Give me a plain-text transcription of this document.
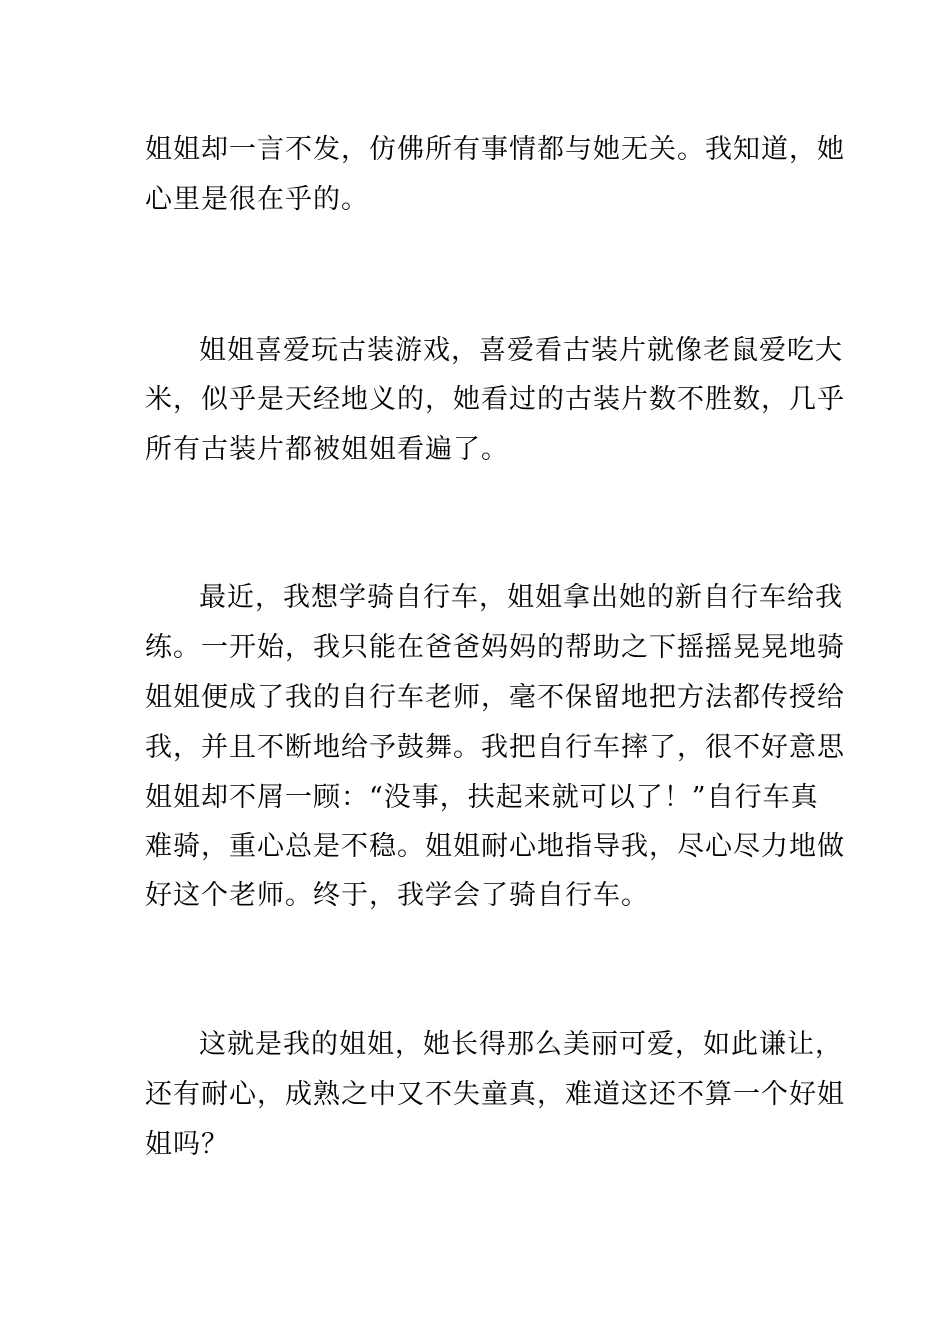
姐姐却一言不发，仿佛所有事情都与她无关。我知道，她
心里是很在乎的。
姐姐喜爱玩古装游戏，喜爱看古装片就像老鼠爱吃大
米，似乎是天经地义的，她看过的古装片数不胜数，几乎
所有古装片都被姐姐看遍了。
最近，我想学骑自行车，姐姐拿出她的新自行车给我
练。一开始，我只能在爸爸妈妈的帮助之下摇摇晃晃地骑
姐姐便成了我的自行车老师，毫不保留地把方法都传授给
我，并且不断地给予鼓舞。我把自行车摔了，很不好意思
姐姐却不屑一顾：“没事，扶起来就可以了！”自行车真
难骑，重心总是不稳。姐姐耐心地指导我，尽心尽力地做
好这个老师。终于，我学会了骑自行车。
这就是我的姐姐，她长得那么美丽可爱，如此谦让，
还有耐心，成熟之中又不失童真，难道这还不算一个好姐
姐吗？
